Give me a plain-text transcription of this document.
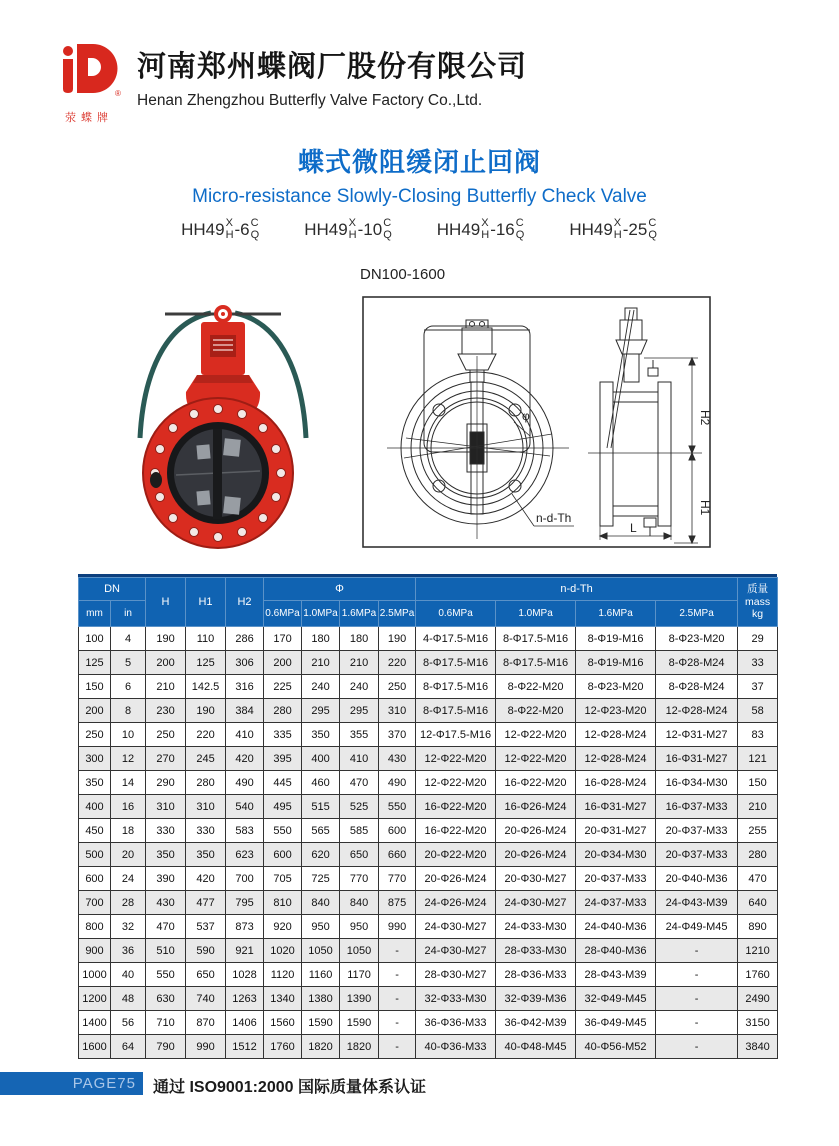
®
荥蝶牌
河南郑州蝶阀厂股份有限公司
Henan Zhengzhou Butterfly Valve Factory Co.,Ltd.
蝶式微阻缓闭止回阀
Micro-resistance Slowly-Closing Butterfly Check Valve
HH49 X
H -6 C
Q	HH49 X
H -10 C
Q	HH49 X
H -16 C
Q	HH49 X
H -25 C
Q
DN100-1600
φ
n-d-Th
H2
H1
L
DN		H	H1	H2	Φ				n-d-Th				质量
mass
kg
mm	in				0.6MPa	1.0MPa	1.6MPa	2.5MPa	0.6MPa	1.0MPa	1.6MPa	2.5MPa	
100	4	190	110	286	170	180	180	190	4-Φ17.5-M16	8-Φ17.5-M16	8-Φ19-M16	8-Φ23-M20	29
125	5	200	125	306	200	210	210	220	8-Φ17.5-M16	8-Φ17.5-M16	8-Φ19-M16	8-Φ28-M24	33
150	6	210	142.5	316	225	240	240	250	8-Φ17.5-M16	8-Φ22-M20	8-Φ23-M20	8-Φ28-M24	37
200	8	230	190	384	280	295	295	310	8-Φ17.5-M16	8-Φ22-M20	12-Φ23-M20	12-Φ28-M24	58
250	10	250	220	410	335	350	355	370	12-Φ17.5-M16	12-Φ22-M20	12-Φ28-M24	12-Φ31-M27	83
300	12	270	245	420	395	400	410	430	12-Φ22-M20	12-Φ22-M20	12-Φ28-M24	16-Φ31-M27	121
350	14	290	280	490	445	460	470	490	12-Φ22-M20	16-Φ22-M20	16-Φ28-M24	16-Φ34-M30	150
400	16	310	310	540	495	515	525	550	16-Φ22-M20	16-Φ26-M24	16-Φ31-M27	16-Φ37-M33	210
450	18	330	330	583	550	565	585	600	16-Φ22-M20	20-Φ26-M24	20-Φ31-M27	20-Φ37-M33	255
500	20	350	350	623	600	620	650	660	20-Φ22-M20	20-Φ26-M24	20-Φ34-M30	20-Φ37-M33	280
600	24	390	420	700	705	725	770	770	20-Φ26-M24	20-Φ30-M27	20-Φ37-M33	20-Φ40-M36	470
700	28	430	477	795	810	840	840	875	24-Φ26-M24	24-Φ30-M27	24-Φ37-M33	24-Φ43-M39	640
800	32	470	537	873	920	950	950	990	24-Φ30-M27	24-Φ33-M30	24-Φ40-M36	24-Φ49-M45	890
900	36	510	590	921	1020	1050	1050	-	24-Φ30-M27	28-Φ33-M30	28-Φ40-M36	-	1210
1000	40	550	650	1028	1120	1160	1170	-	28-Φ30-M27	28-Φ36-M33	28-Φ43-M39	-	1760
1200	48	630	740	1263	1340	1380	1390	-	32-Φ33-M30	32-Φ39-M36	32-Φ49-M45	-	2490
1400	56	710	870	1406	1560	1590	1590	-	36-Φ36-M33	36-Φ42-M39	36-Φ49-M45	-	3150
1600	64	790	990	1512	1760	1820	1820	-	40-Φ36-M33	40-Φ48-M45	40-Φ56-M52	-	3840
PAGE75 通过 ISO9001:2000 国际质量体系认证
